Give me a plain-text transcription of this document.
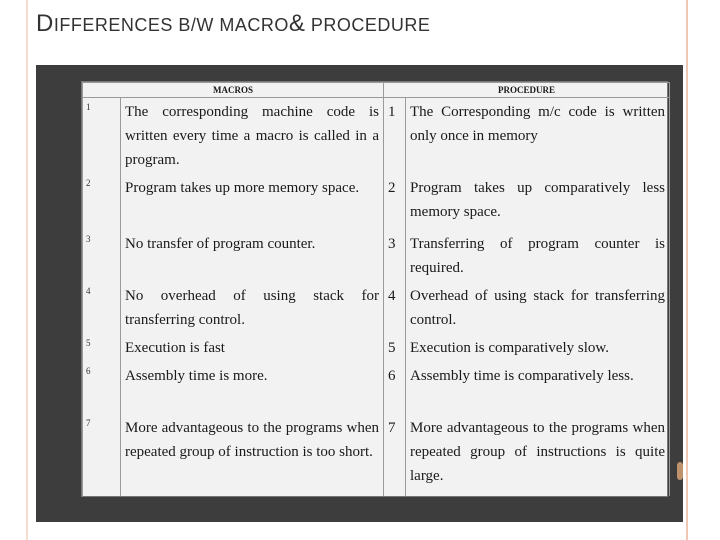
DIFFERENCES B/W MACRO& PROCEDURE
MACROS		PROCEDURE	
1	The corresponding machine code is written every time a macro is called in a program.	1	The Corresponding m/c code is written only once in memory
2	Program takes up more memory space.	2	Program takes up comparatively less memory space.
3	No transfer of program counter.	3	Transferring of program counter is required.
4	No overhead of using stack for transferring control.	4	Overhead of using stack for transferring control.
5	Execution is fast	5	Execution is comparatively slow.
6	Assembly time is more.	6	Assembly time is comparatively less.
7	More advantageous to the programs when repeated group of instruction is too short.	7	More advantageous to the programs when repeated group of instructions is quite large.
